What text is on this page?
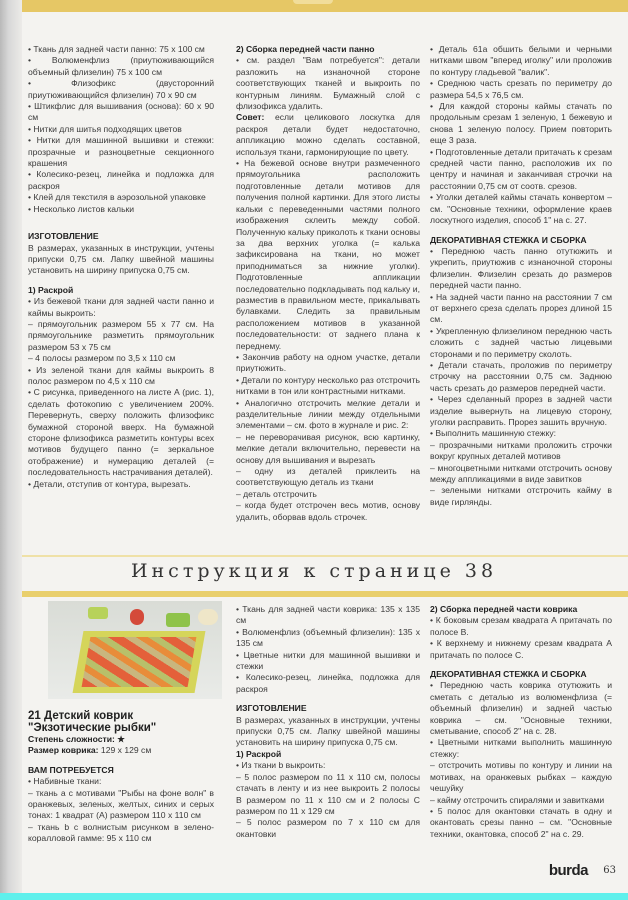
• Ткань для задней части панно: 75 x 100 см

• Волюменфлиз (приутюживающийся объемный флизелин) 75 x 100 см

• Флизофикс (двусторонний приутюживающийся флизелин) 70 x 90 см

• Штикфлис для вышивания (основа): 60 x 90 см

• Нитки для шитья подходящих цветов

• Нитки для машинной вышивки и стежки: прозрачные и разноцветные секционного крашения

• Колесико-резец, линейка и подложка для раскроя

• Клей для текстиля в аэрозольной упаковке

• Несколько листов кальки

ИЗГОТОВЛЕНИЕ

В размерах, указанных в инструкции, учтены припуски 0,75 см. Лапку швейной машины установить на ширину припуска 0,75 см.

1) Раскрой

• Из бежевой ткани для задней части панно и каймы выкроить:

– прямоугольник размером 55 x 77 см. На прямоугольнике разметить прямоугольник размером 53 x 75 см

– 4 полосы размером по 3,5 x 110 см

• Из зеленой ткани для каймы выкроить 8 полос размером по 4,5 x 110 см

• С рисунка, приведенного на листе А (рис. 1), сделать фотокопию с увеличением 200%. Перевернуть, сверху положить флизофикс бумажной стороной вверх. На бумажной стороне флизофикса разметить контуры всех мотивов будущего панно (= зеркальное отображение) и нумерацию деталей (= последовательность настрачивания деталей).

• Детали, отступив от контура, вырезать.

2) Сборка передней части панно

• см. раздел "Вам потребуется": детали разложить на изнаночной стороне соответствующих тканей и выкроить по контурным линиям. Бумажный слой с флизофикса удалить.

Совет: если целикового лоскутка для раскроя детали будет недостаточно, аппликацию можно сделать составной, используя ткани, гармонирующие по цвету.

• На бежевой основе внутри размеченного прямоугольника расположить подготовленные детали мотивов для получения полной картинки. Для этого листы кальки с переведенными частями полного изображения склеить между собой. Полученную кальку приколоть к ткани основы за два верхних уголка (= калька зафиксирована на ткани, но может приподниматься за нижние уголки). Подготовленные аппликации последовательно подкладывать под кальку и, разместив в правильном месте, прикалывать булавками. Следить за правильным расположением мотивов в указанной последовательности: от заднего плана к переднему.

• Закончив работу на одном участке, детали приутюжить.

• Детали по контуру несколько раз отстрочить нитками в тон или контрастными нитками.

• Аналогично отстрочить мелкие детали и разделительные линии между отдельными элементами – см. фото в журнале и рис. 2:

– не переворачивая рисунок, всю картинку, мелкие детали включительно, перевести на основу для вышивания и вырезать

– одну из деталей приклеить на соответствующую деталь из ткани

– деталь отстрочить

– когда будет отстрочен весь мотив, основу удалить, оборвав вдоль строчек.

• Деталь 61а обшить белыми и черными нитками швом "вперед иголку" или проложив по контуру гладьевой "валик".

• Среднюю часть срезать по периметру до размера 54,5 x 76,5 см.

• Для каждой стороны каймы стачать по продольным срезам 1 зеленую, 1 бежевую и снова 1 зеленую полосу. Прием повторить еще 3 раза.

• Подготовленные детали притачать к срезам средней части панно, расположив их по центру и начиная и заканчивая строчки на расстоянии 0,75 см от соотв. срезов.

• Уголки деталей каймы стачать конвертом – см. "Основные техники, оформление краев лоскутного изделия, способ 1" на с. 27.

ДЕКОРАТИВНАЯ СТЕЖКА И СБОРКА

• Переднюю часть панно отутюжить и укрепить, приутюжив с изнаночной стороны флизелин. Флизелин срезать до размеров передней части панно.

• На задней части панно на расстоянии 7 см от верхнего среза сделать прорез длиной 15 см.

• Укрепленную флизелином переднюю часть сложить с задней частью лицевыми сторонами и по периметру сколоть.

• Детали стачать, проложив по периметру строчку на расстоянии 0,75 см. Заднюю часть срезать до размеров передней части.

• Через сделанный прорез в задней части изделие вывернуть на лицевую сторону, уголки расправить. Прорез зашить вручную.

• Выполнить машинную стежку:

– прозрачными нитками проложить строчки вокруг крупных деталей мотивов

– многоцветными нитками отстрочить основу между аппликациями в виде завитков

– зелеными нитками отстрочить кайму в виде гирлянды.

Инструкция к странице 38

21 Детский коврик "Экзотические рыбки"

Степень сложности: ★

Размер коврика: 129 x 129 см

ВАМ ПОТРЕБУЕТСЯ

• Набивные ткани:

– ткань а с мотивами "Рыбы на фоне волн" в оранжевых, зеленых, желтых, синих и серых тонах: 1 квадрат (А) размером 110 x 110 см

– ткань b с волнистым рисунком в зелено-коралловой гамме: 95 x 110 см

• Ткань для задней части коврика: 135 x 135 см

• Волюменфлиз (объемный флизелин): 135 x 135 см

• Цветные нитки для машинной вышивки и стежки

• Колесико-резец, линейка, подложка для раскроя

ИЗГОТОВЛЕНИЕ

В размерах, указанных в инструкции, учтены припуски 0,75 см. Лапку швейной машины установить на ширину припуска 0,75 см.

1) Раскрой

• Из ткани b выкроить:

– 5 полос размером по 11 x 110 см, полосы стачать в ленту и из нее выкроить 2 полосы В размером по 11 x 110 см и 2 полосы С размером по 11 x 129 см

– 5 полос размером по 7 x 110 см для окантовки

2) Сборка передней части коврика

• К боковым срезам квадрата А притачать по полосе В.

• К верхнему и нижнему срезам квадрата А притачать по полосе С.

ДЕКОРАТИВНАЯ СТЕЖКА И СБОРКА

• Переднюю часть коврика отутюжить и сметать с деталью из волюменфлиза (= объемный флизелин) и задней частью коврика – см. "Основные техники, сметывание, способ 2" на с. 28.

• Цветными нитками выполнить машинную стежку:

– отстрочить мотивы по контуру и линии на мотивах, на оранжевых рыбках – каждую чешуйку

– кайму отстрочить спиралями и завитками

• 5 полос для окантовки стачать в одну и окантовать срезы панно – см. "Основные техники, окантовка, способ 2" на с. 29.

burda 63
